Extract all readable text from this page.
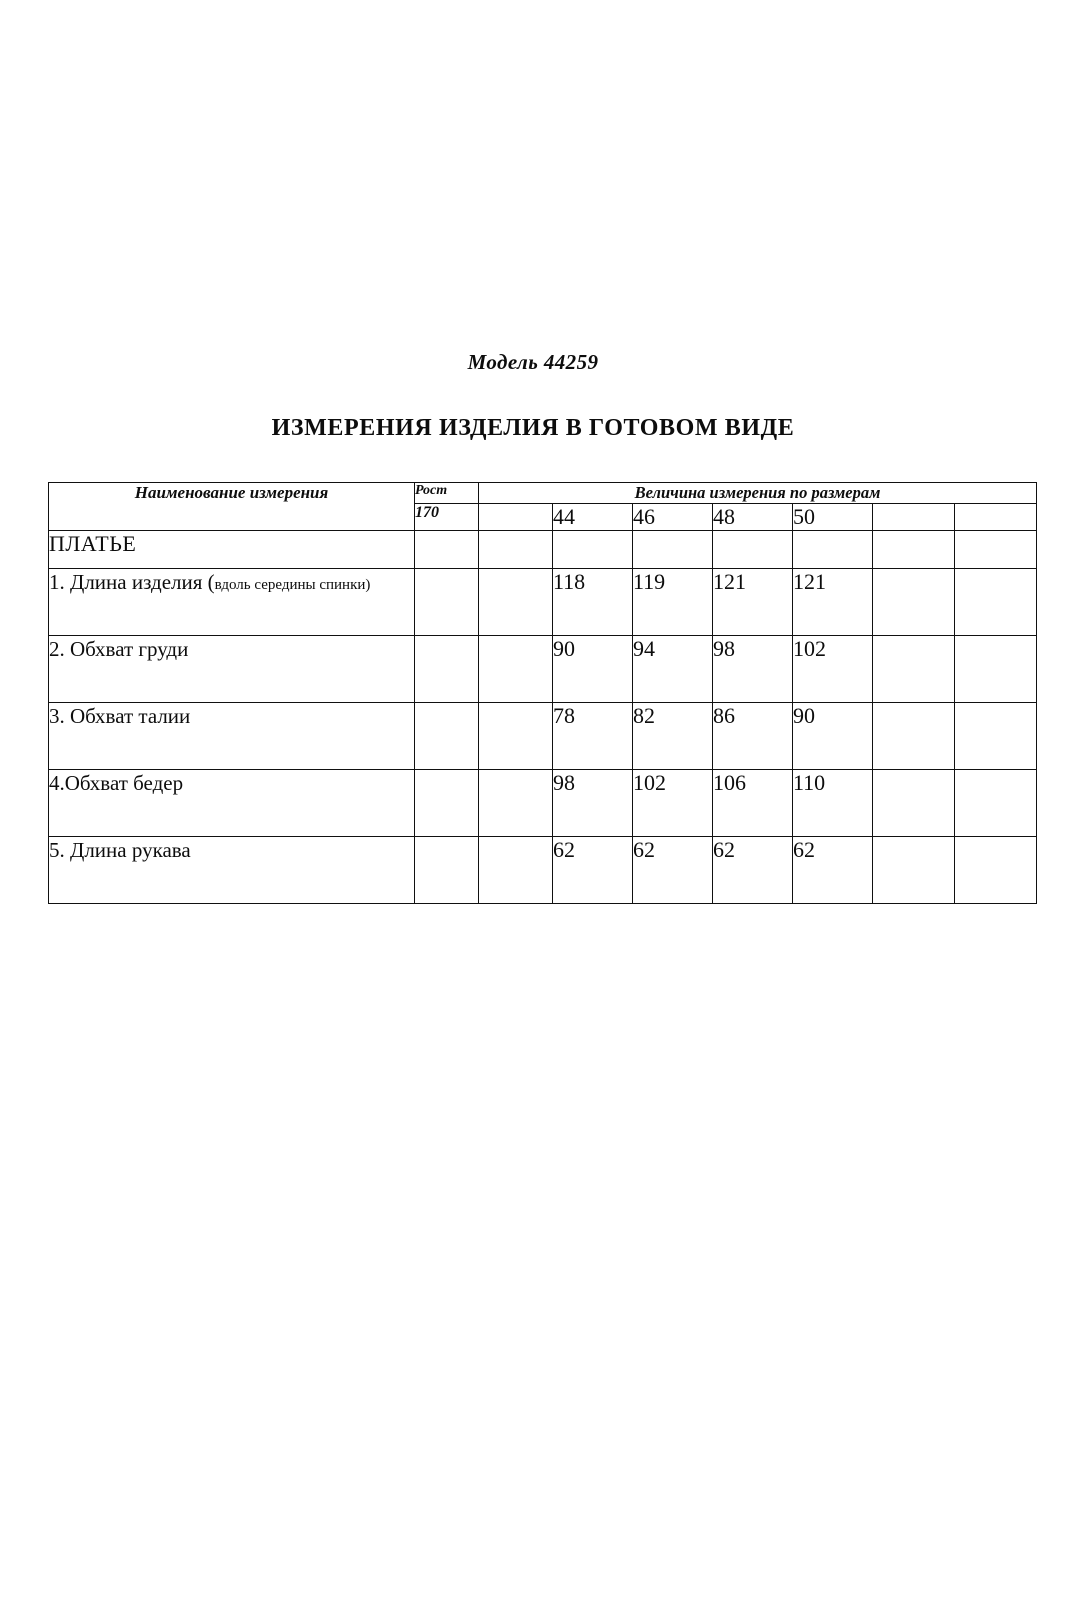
Модель 44259
ИЗМЕРЕНИЯ ИЗДЕЛИЯ В ГОТОВОМ ВИДЕ
Наименование измерения	Рост	Величина измерения по размерам						
	170		44	46	48	50		
ПЛАТЬЕ								
1. Длина изделия (вдоль середины спинки)			118	119	121	121		
2. Обхват груди			90	94	98	102		
3. Обхват талии			78	82	86	90		
4.Обхват бедер			98	102	106	110		
5. Длина рукава			62	62	62	62		
